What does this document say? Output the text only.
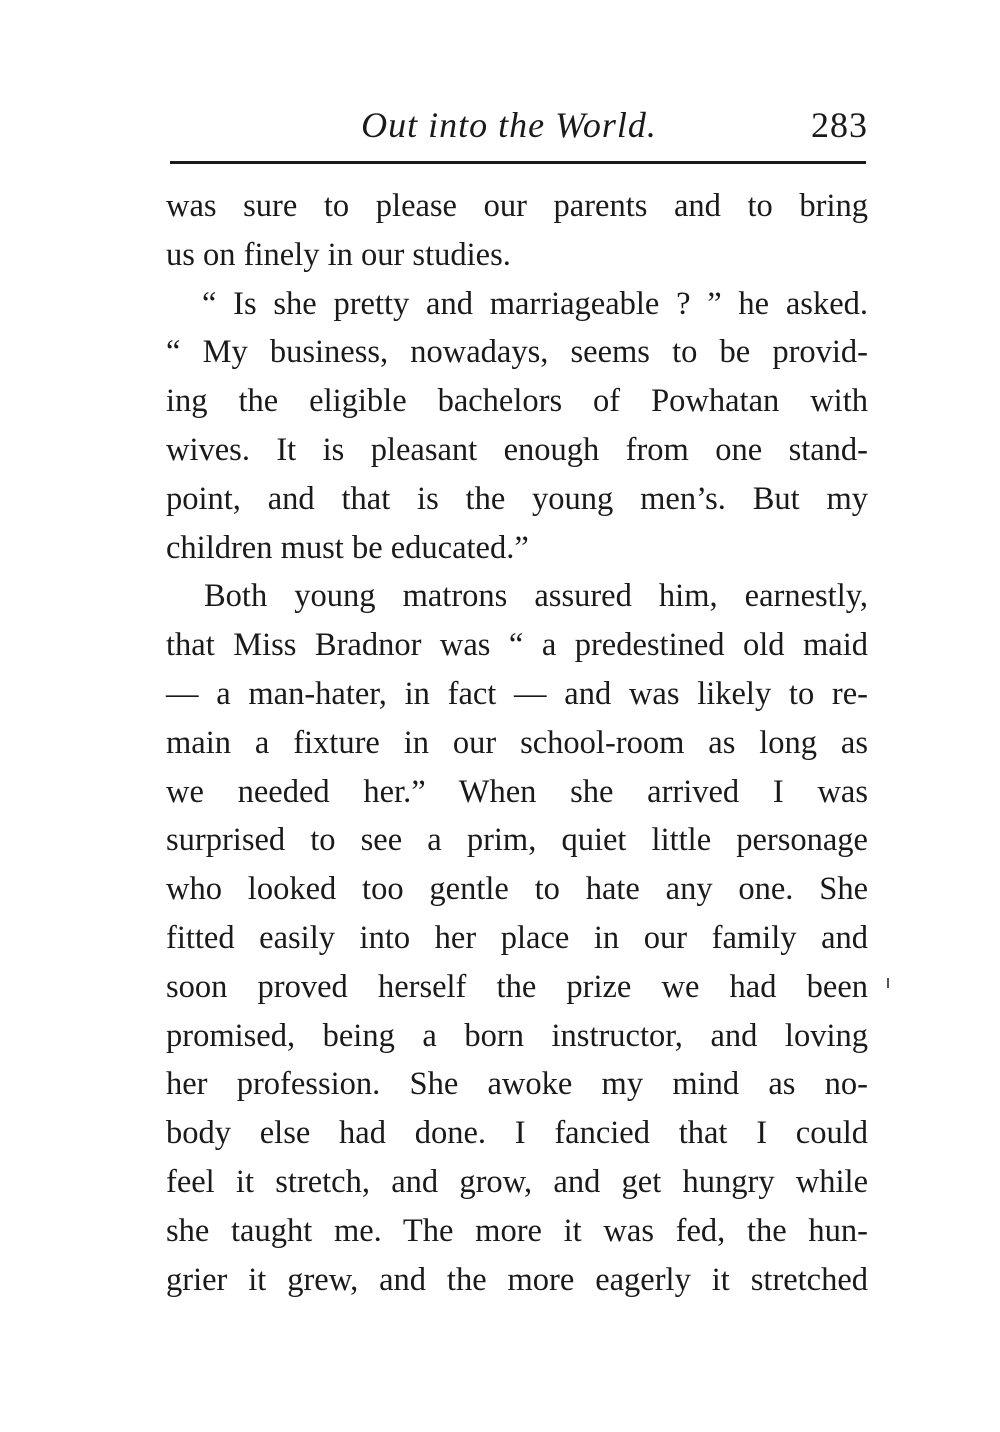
Out into the World.	283
was sure to please our parents and to bring
us on finely in our studies.
“ Is she pretty and marriageable ? ” he asked.
“ My business, nowadays, seems to be provid-
ing the eligible bachelors of Powhatan with
wives. It is pleasant enough from one stand-
point, and that is the young men’s. But my
children must be educated.”
Both young matrons assured him, earnestly,
that Miss Bradnor was “ a predestined old maid
— a man-hater, in fact — and was likely to re-
main a fixture in our school-room as long as
we needed her.” When she arrived I was
surprised to see a prim, quiet little personage
who looked too gentle to hate any one. She
fitted easily into her place in our family and
soon proved herself the prize we had been
promised, being a born instructor, and loving
her profession. She awoke my mind as no-
body else had done. I fancied that I could
feel it stretch, and grow, and get hungry while
she taught me. The more it was fed, the hun-
grier it grew, and the more eagerly it stretched
